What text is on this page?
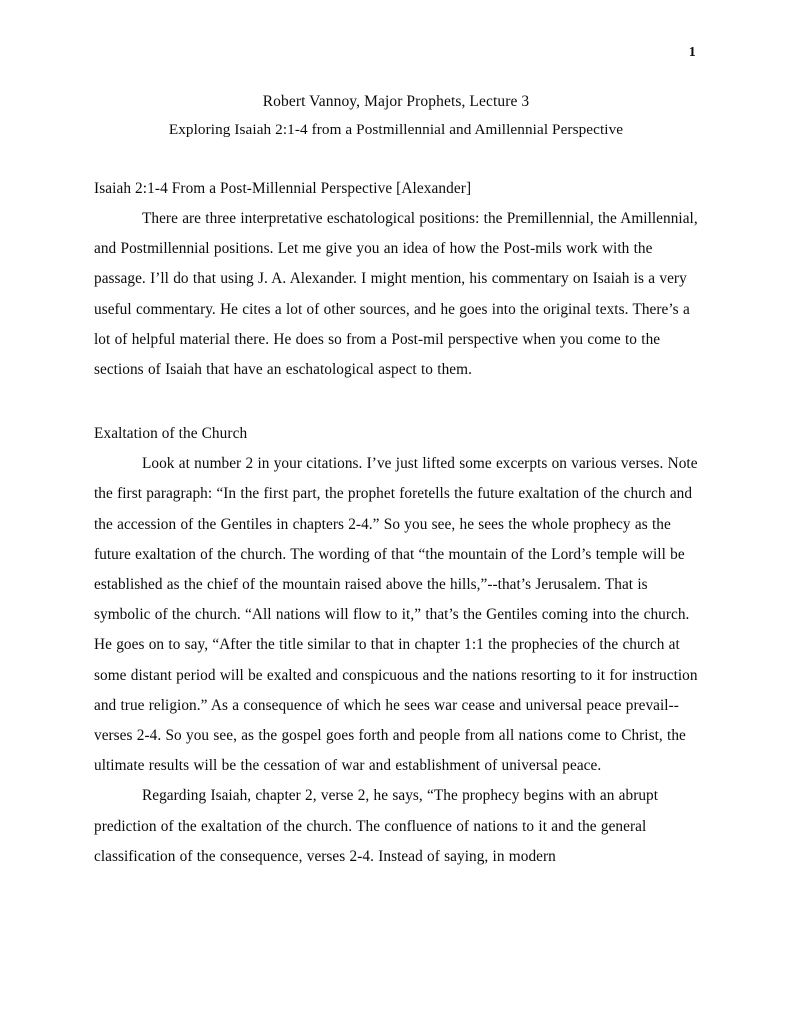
1
Robert Vannoy, Major Prophets, Lecture 3
Exploring Isaiah 2:1-4 from a Postmillennial and Amillennial Perspective
Isaiah 2:1-4 From a Post-Millennial Perspective [Alexander]

There are three interpretative eschatological positions: the Premillennial, the Amillennial, and Postmillennial positions. Let me give you an idea of how the Post-mils work with the passage. I’ll do that using J. A. Alexander. I might mention, his commentary on Isaiah is a very useful commentary. He cites a lot of other sources, and he goes into the original texts. There’s a lot of helpful material there. He does so from a Post-mil perspective when you come to the sections of Isaiah that have an eschatological aspect to them.

Exaltation of the Church

Look at number 2 in your citations. I’ve just lifted some excerpts on various verses. Note the first paragraph: “In the first part, the prophet foretells the future exaltation of the church and the accession of the Gentiles in chapters 2-4.” So you see, he sees the whole prophecy as the future exaltation of the church. The wording of that “the mountain of the Lord’s temple will be established as the chief of the mountain raised above the hills,”--that’s Jerusalem. That is symbolic of the church. “All nations will flow to it,” that’s the Gentiles coming into the church. He goes on to say, “After the title similar to that in chapter 1:1 the prophecies of the church at some distant period will be exalted and conspicuous and the nations resorting to it for instruction and true religion.” As a consequence of which he sees war cease and universal peace prevail--verses 2-4. So you see, as the gospel goes forth and people from all nations come to Christ, the ultimate results will be the cessation of war and establishment of universal peace.

Regarding Isaiah, chapter 2, verse 2, he says, “The prophecy begins with an abrupt prediction of the exaltation of the church. The confluence of nations to it and the general classification of the consequence, verses 2-4. Instead of saying, in modern
